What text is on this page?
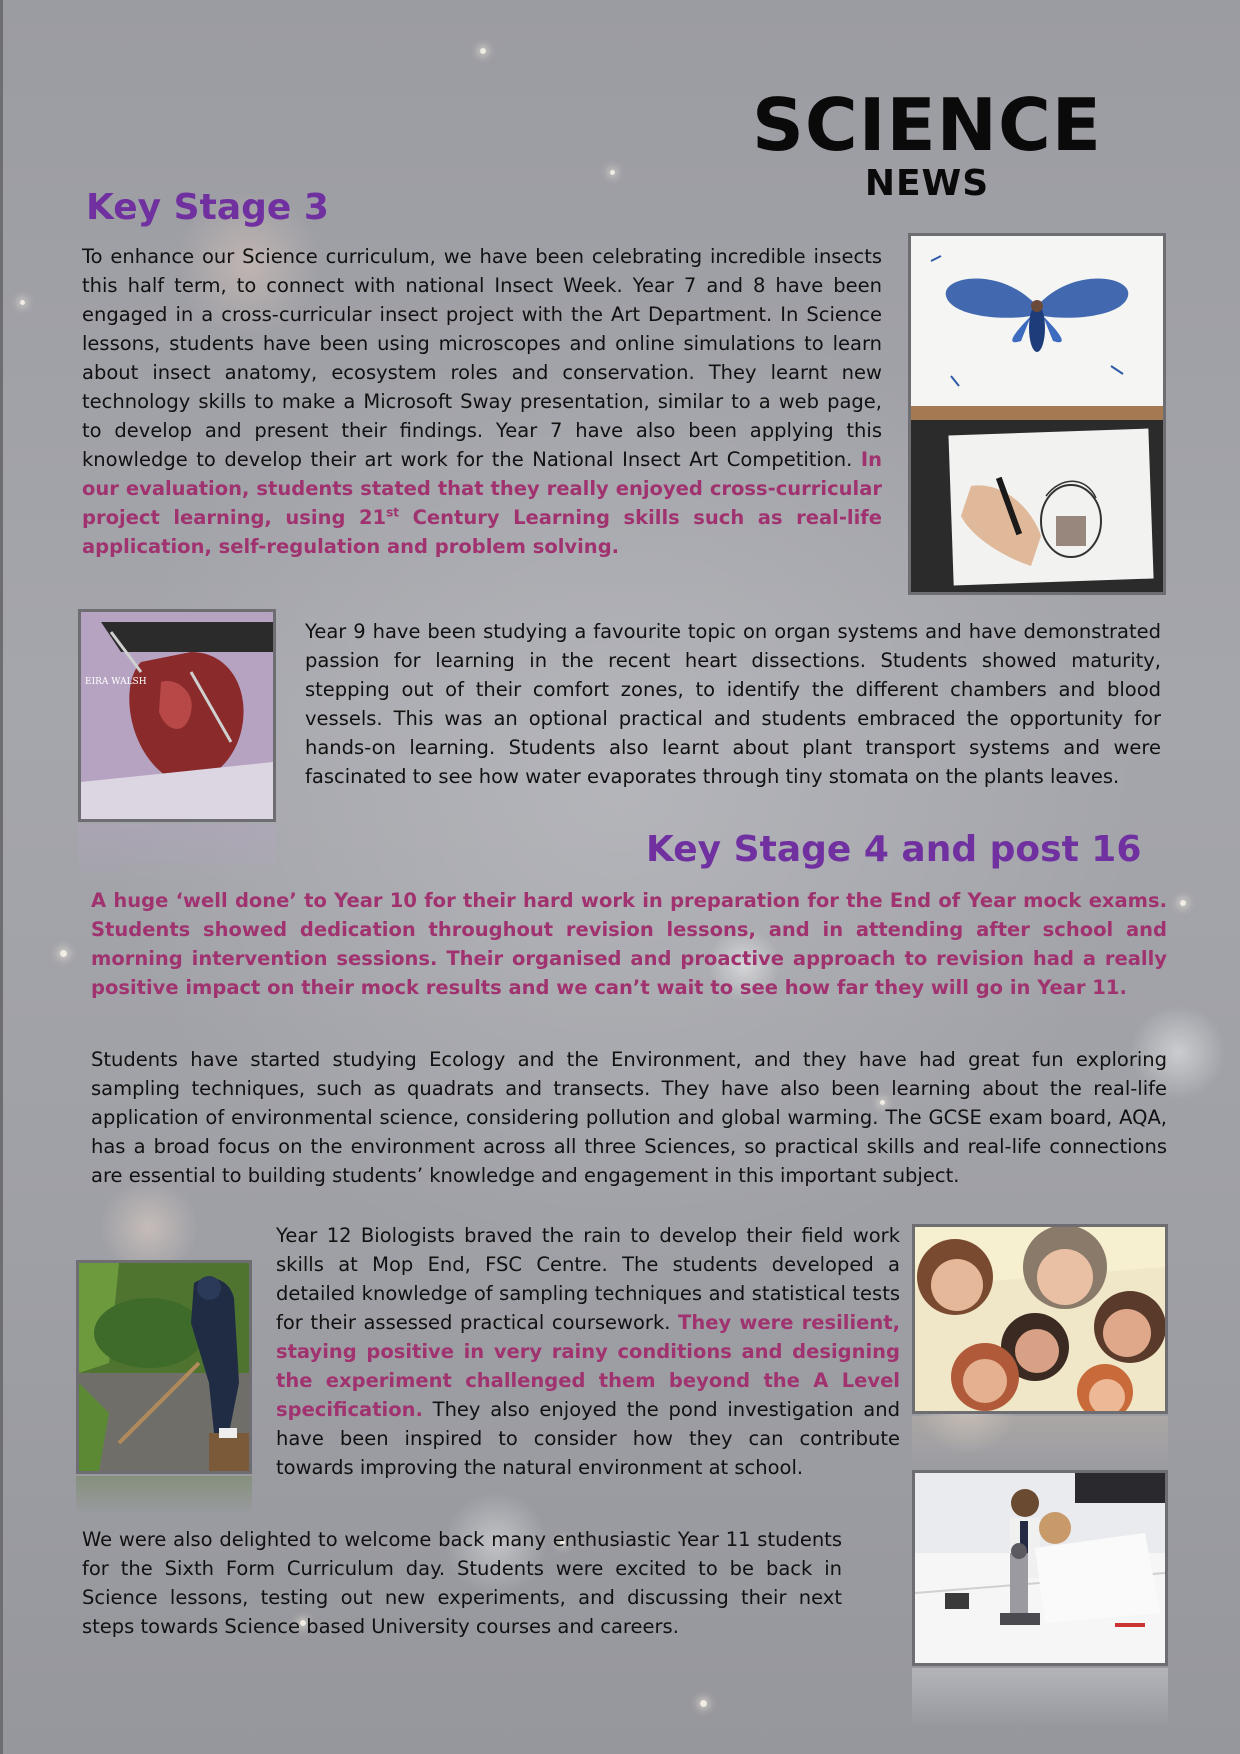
SCIENCE
NEWS
Key Stage 3

To enhance our Science curriculum, we have been celebrating incredible insects this half term, to connect with national Insect Week. Year 7 and 8 have been engaged in a cross-curricular insect project with the Art Department. In Science lessons, students have been using microscopes and online simulations to learn about insect anatomy, ecosystem roles and conservation. They learnt new technology skills to make a Microsoft Sway presentation, similar to a web page, to develop and present their findings. Year 7 have also been applying this knowledge to develop their art work for the National Insect Art Competition. In our evaluation, students stated that they really enjoyed cross-curricular project learning, using 21st Century Learning skills such as real-life application, self-regulation and problem solving.

EIRA WALSH

Year 9 have been studying a favourite topic on organ systems and have demonstrated passion for learning in the recent heart dissections. Students showed maturity, stepping out of their comfort zones, to identify the different chambers and blood vessels. This was an optional practical and students embraced the opportunity for hands-on learning. Students also learnt about plant transport systems and were fascinated to see how water evaporates through tiny stomata on the plants leaves.

Key Stage 4 and post 16

A huge ‘well done’ to Year 10 for their hard work in preparation for the End of Year mock exams. Students showed dedication throughout revision lessons, and in attending after school and morning intervention sessions. Their organised and proactive approach to revision had a really positive impact on their mock results and we can’t wait to see how far they will go in Year 11.

Students have started studying Ecology and the Environment, and they have had great fun exploring sampling techniques, such as quadrats and transects. They have also been learning about the real-life application of environmental science, considering pollution and global warming. The GCSE exam board, AQA, has a broad focus on the environment across all three Sciences, so practical skills and real-life connections are essential to building students’ knowledge and engagement in this important subject.

Year 12 Biologists braved the rain to develop their field work skills at Mop End, FSC Centre. The students developed a detailed knowledge of sampling techniques and statistical tests for their assessed practical coursework. They were resilient, staying positive in very rainy conditions and designing the experiment challenged them beyond the A Level specification. They also enjoyed the pond investigation and have been inspired to consider how they can contribute towards improving the natural environment at school.

We were also delighted to welcome back many enthusiastic Year 11 students for the Sixth Form Curriculum day. Students were excited to be back in Science lessons, testing out new experiments, and discussing their next steps towards Science based University courses and careers.
